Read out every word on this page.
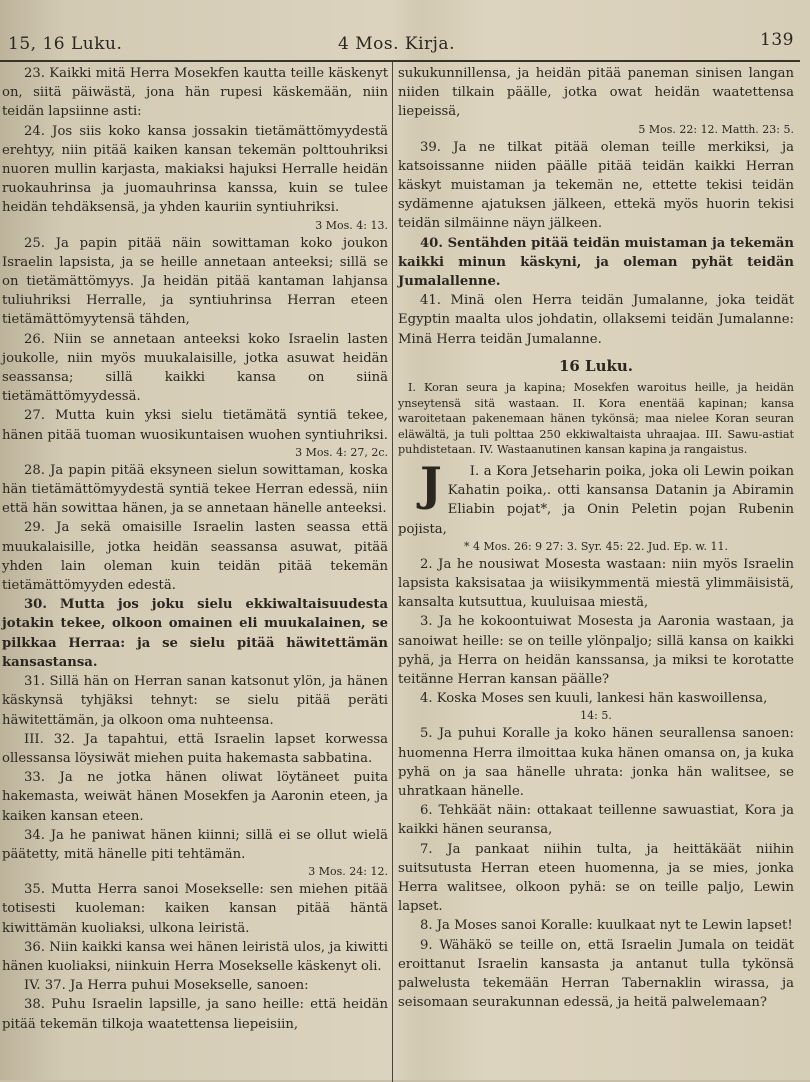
15, 16 Luku.	4 Mos. Kirja.	139

23. Kaikki mitä Herra Mosekfen kautta teille käskenyt on, siitä päiwästä, jona hän rupesi käskemään, niin teidän lapsiinne asti:

24. Jos siis koko kansa jossakin tietämättömyydestä erehtyy, niin pitää kaiken kansan tekemän polttouhriksi nuoren mullin karjasta, makiaksi hajuksi Herralle heidän ruokauhrinsa ja juomauhrinsa kanssa, kuin se tulee heidän tehdäksensä, ja yhden kauriin syntiuhriksi.

3 Mos. 4: 13.

25. Ja papin pitää näin sowittaman koko joukon Israelin lapsista, ja se heille annetaan anteeksi; sillä se on tietämättömyys. Ja heidän pitää kantaman lahjansa tuliuhriksi Herralle, ja syntiuhrinsa Herran eteen tietämättömyytensä tähden,

26. Niin se annetaan anteeksi koko Israelin lasten joukolle, niin myös muukalaisille, jotka asuwat heidän seassansa; sillä kaikki kansa on siinä tietämättömyydessä.

27. Mutta kuin yksi sielu tietämätä syntiä tekee, hänen pitää tuoman wuosikuntaisen wuohen syntiuhriksi.

3 Mos. 4: 27, 2c.

28. Ja papin pitää eksyneen sielun sowittaman, koska hän tietämättömyydestä syntiä tekee Herran edessä, niin että hän sowittaa hänen, ja se annetaan hänelle anteeksi.

29. Ja sekä omaisille Israelin lasten seassa että muukalaisille, jotka heidän seassansa asuwat, pitää yhden lain oleman kuin teidän pitää tekemän tietämättömyyden edestä.

30. Mutta jos joku sielu ekkiwaltaisuudesta jotakin tekee, olkoon omainen eli muukalainen, se pilkkaa Herraa: ja se sielu pitää häwitettämän kansastansa.

31. Sillä hän on Herran sanan katsonut ylön, ja hänen käskynsä tyhjäksi tehnyt: se sielu pitää peräti häwitettämän, ja olkoon oma nuhteensa.

III. 32. Ja tapahtui, että Israelin lapset korwessa ollessansa löysiwät miehen puita hakemasta sabbatina.

33. Ja ne jotka hänen oliwat löytäneet puita hakemasta, weiwät hänen Mosekfen ja Aaronin eteen, ja kaiken kansan eteen.

34. Ja he paniwat hänen kiinni; sillä ei se ollut wielä päätetty, mitä hänelle piti tehtämän.

3 Mos. 24: 12.

35. Mutta Herra sanoi Mosekselle: sen miehen pitää totisesti kuoleman: kaiken kansan pitää häntä kiwittämän kuoliaksi, ulkona leiristä.

36. Niin kaikki kansa wei hänen leiristä ulos, ja kiwitti hänen kuoliaksi, niinkuin Herra Mosekselle käskenyt oli.

IV. 37. Ja Herra puhui Mosekselle, sanoen:

38. Puhu Israelin lapsille, ja sano heille: että heidän pitää tekemän tilkoja waatettensa liepeisiin,

sukukunnillensa, ja heidän pitää paneman sinisen langan niiden tilkain päälle, jotka owat heidän waatettensa liepeissä,

5 Mos. 22: 12. Matth. 23: 5.

39. Ja ne tilkat pitää oleman teille merkiksi, ja katsoissanne niiden päälle pitää teidän kaikki Herran käskyt muistaman ja tekemän ne, ettette tekisi teidän sydämenne ajatuksen jälkeen, ettekä myös huorin tekisi teidän silmäinne näyn jälkeen.

40. Sentähden pitää teidän muistaman ja tekemän kaikki minun käskyni, ja oleman pyhät teidän Jumalallenne.

41. Minä olen Herra teidän Jumalanne, joka teidät Egyptin maalta ulos johdatin, ollaksemi teidän Jumalanne: Minä Herra teidän Jumalanne.

16 Luku.

I. Koran seura ja kapina; Mosekfen waroitus heille, ja heidän ynseytensä sitä wastaan. II. Kora enentää kapinan; kansa waroitetaan pakenemaan hänen tykönsä; maa nielee Koran seuran eläwältä, ja tuli polttaa 250 ekkiwaltaista uhraajaa. III. Sawu-astiat puhdistetaan. IV. Wastaanutinen kansan kapina ja rangaistus.

I.
J	a Kora Jetseharin poika, joka oli Lewin poikan Kahatin poika,. otti kansansa Datanin ja Abiramin Eliabin pojat*, ja Onin Peletin pojan Rubenin pojista,

* 4 Mos. 26: 9 27: 3. Syr. 45: 22. Jud. Ep. w. 11.

2. Ja he nousiwat Mosesta wastaan: niin myös Israelin lapsista kaksisataa ja wiisikymmentä miestä ylimmäisistä, kansalta kutsuttua, kuuluisaa miestä,

3. Ja he kokoontuiwat Mosesta ja Aaronia wastaan, ja sanoiwat heille: se on teille ylönpaljo; sillä kansa on kaikki pyhä, ja Herra on heidän kanssansa, ja miksi te korotatte teitänne Herran kansan päälle?

4. Koska Moses sen kuuli, lankesi hän kaswoillensa,

14: 5.

5. Ja puhui Koralle ja koko hänen seurallensa sanoen: huomenna Herra ilmoittaa kuka hänen omansa on, ja kuka pyhä on ja saa hänelle uhrata: jonka hän walitsee, se uhratkaan hänelle.

6. Tehkäät näin: ottakaat teillenne sawuastiat, Kora ja kaikki hänen seuransa,

7. Ja pankaat niihin tulta, ja heittäkäät niihin suitsutusta Herran eteen huomenna, ja se mies, jonka Herra walitsee, olkoon pyhä: se on teille paljo, Lewin lapset.

8. Ja Moses sanoi Koralle: kuulkaat nyt te Lewin lapset!

9. Wähäkö se teille on, että Israelin Jumala on teidät eroittanut Israelin kansasta ja antanut tulla tykönsä palwelusta tekemään Herran Tabernaklin wirassa, ja seisomaan seurakunnan edessä, ja heitä palwelemaan?
